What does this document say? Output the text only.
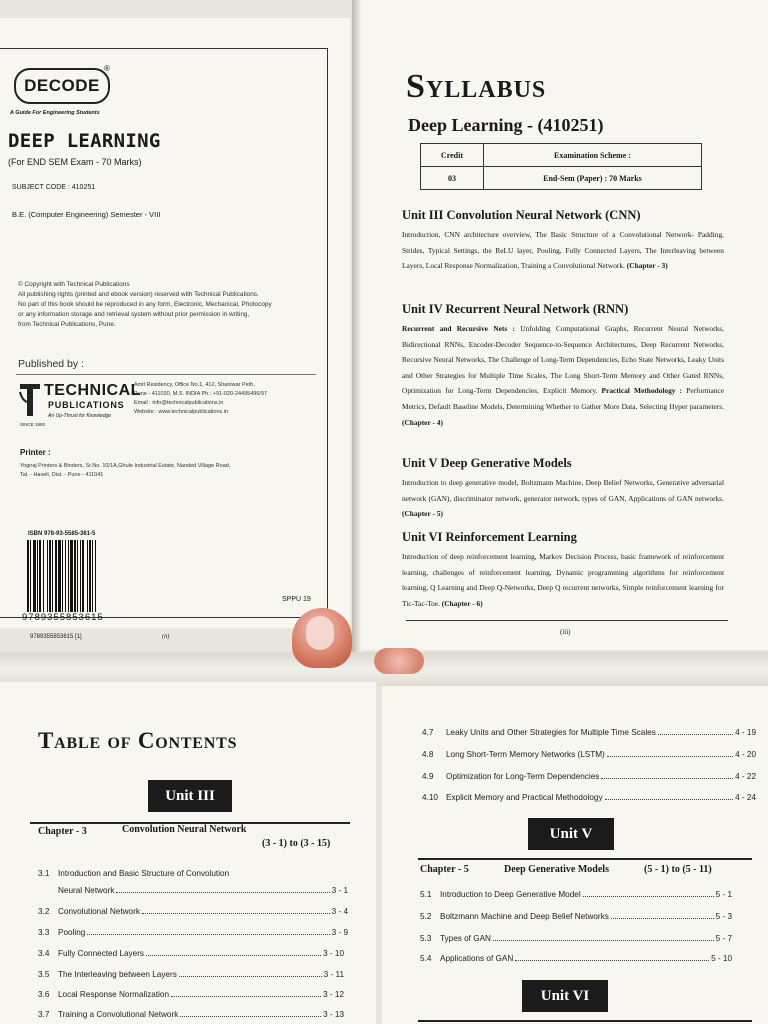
DECODE
®
A Guide For Engineering Students
DEEP LEARNING
(For END SEM Exam - 70 Marks)
SUBJECT CODE : 410251
B.E. (Computer Engineering) Semester - VIII
© Copyright with Technical Publications
All publishing rights (printed and ebook version) reserved with Technical Publications.
No part of this book should be reproduced in any form, Electronic, Mechanical, Photocopy
or any information storage and retrieval system without prior permission in writing,
from Technical Publications, Pune.
Published by :
TECHNICAL
PUBLICATIONS
An Up-Thrust for Knowledge
SINCE 1993
Amit Residency, Office No.1, 412, Shaniwar Peth,
Pune - 411030, M.S. INDIA Ph.: +91-020-24495496/97
Email : info@technicalpublications.in
Website : www.technicalpublications.in
Printer :
Yogiraj Printers & Binders, Sr.No. 10/1A,Ghule Industrial Estate, Nanded Village Road,
Tal. - Haveli, Dist. - Pune - 411041
ISBN 978-93-5585-361-5
9789355853615
SPPU 19
9789355853615 [1]	(ii)
Syllabus
Deep Learning - (410251)
Credit	Examination Scheme :
03	End-Sem (Paper) : 70 Marks
Unit III Convolution Neural Network (CNN)
Introduction, CNN architecture overview, The Basic Structure of a Convolutional Network- Padding, Strides, Typical Settings, the ReLU layer, Pooling, Fully Connected Layers, The Interleaving between Layers, Local Response Normalization, Training a Convolutional Network. (Chapter - 3)
Unit IV Recurrent Neural Network (RNN)
Recurrent and Recursive Nets : Unfolding Computational Graphs, Recurrent Neural Networks, Bidirectional RNNs, Encoder-Decoder Sequence-to-Sequence Architectures, Deep Recurrent Networks, Recursive Neural Networks, The Challenge of Long-Term Dependencies, Echo State Networks, Leaky Units and Other Strategies for Multiple Time Scales, The Long Short-Term Memory and Other Gated RNNs, Optimization for Long-Term Dependencies, Explicit Memory. Practical Methodology : Performance Metrics, Default Baseline Models, Determining Whether to Gather More Data, Selecting Hyper parameters. (Chapter - 4)
Unit V Deep Generative Models
Introduction to deep generative model, Boltzmann Machine, Deep Belief Networks, Generative adversarial network (GAN), discriminator network, generator network, types of GAN, Applications of GAN networks. (Chapter - 5)
Unit VI Reinforcement Learning
Introduction of deep reinforcement learning, Markov Decision Process, basic framework of reinforcement learning, challenges of reinforcement learning, Dynamic programming algorithms for reinforcement learning, Q Learning and Deep Q-Networks, Deep Q recurrent networks, Simple reinforcement learning for Tic-Tac-Toe. (Chapter - 6)
(iii)
Table of Contents
Unit III
Chapter - 3	Convolution Neural Network
(3 - 1) to (3 - 15)
3.1	Introduction and Basic Structure of Convolution
Neural Network	3 - 1
3.2	Convolutional Network	3 - 4
3.3	Pooling	3 - 9
3.4	Fully Connected Layers	3 - 10
3.5	The Interleaving between Layers	3 - 11
3.6	Local Response Normalization	3 - 12
3.7	Training a Convolutional Network	3 - 13
4.7	Leaky Units and Other Strategies for Multiple Time Scales	4 - 19
4.8	Long Short-Term Memory Networks (LSTM)	4 - 20
4.9	Optimization for Long-Term Dependencies	4 - 22
4.10 Explicit Memory and Practical Methodology	4 - 24
Unit V
Chapter - 5	Deep Generative Models	(5 - 1) to (5 - 11)
5.1	Introduction to Deep Generative Model	5 - 1
5.2	Boltzmann Machine and Deep Belief Networks	5 - 3
5.3	Types of GAN	5 - 7
5.4	Applications of GAN	5 - 10
Unit VI
